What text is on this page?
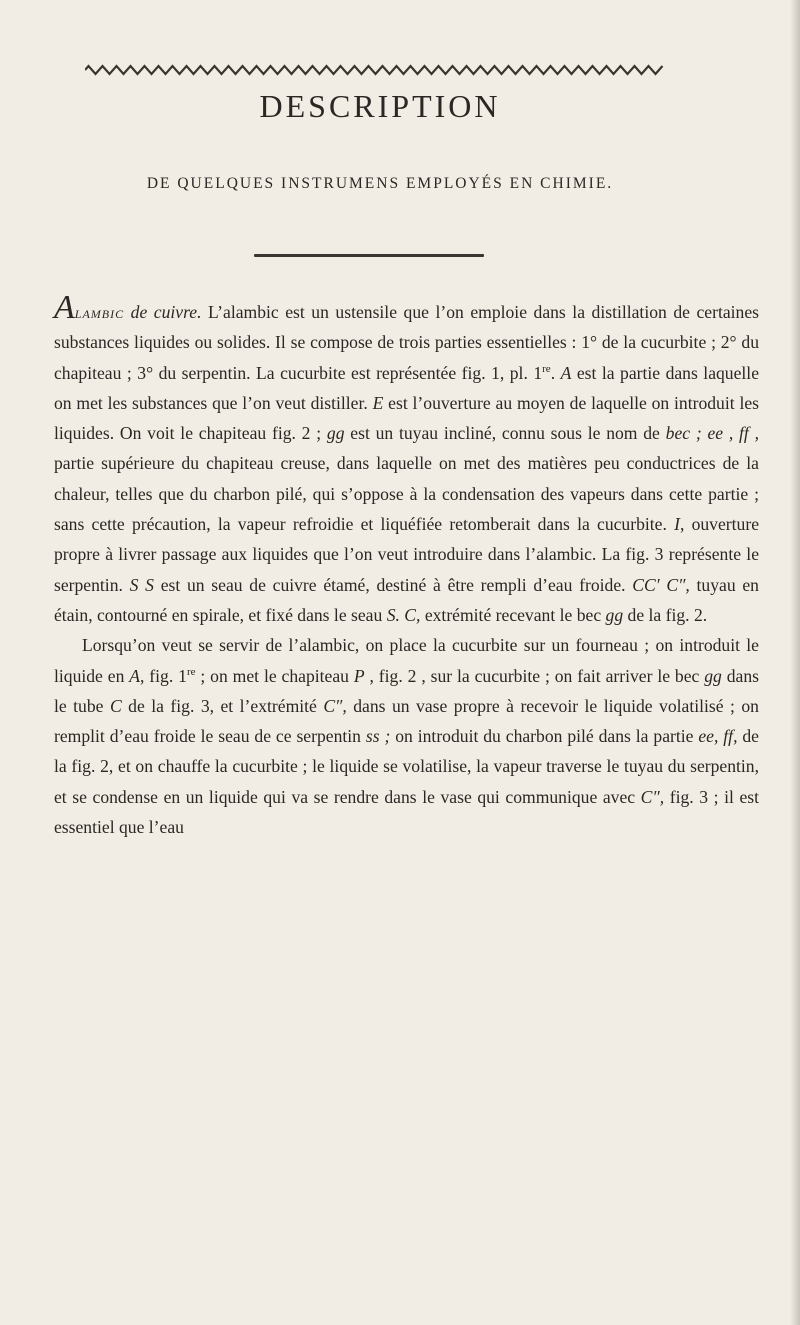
DESCRIPTION
DE QUELQUES INSTRUMENS EMPLOYÉS EN CHIMIE.

Alambic de cuivre. L’alambic est un ustensile que l’on emploie dans la distillation de certaines substances liquides ou solides. Il se compose de trois parties essentielles : 1° de la cucurbite ; 2° du chapiteau ; 3° du serpentin. La cucurbite est représentée fig. 1, pl. 1re. A est la partie dans laquelle on met les substances que l’on veut distiller. E est l’ouverture au moyen de laquelle on introduit les liquides. On voit le chapiteau fig. 2 ; gg est un tuyau incliné, connu sous le nom de bec ; ee , ff , partie supérieure du chapiteau creuse, dans laquelle on met des matières peu conductrices de la chaleur, telles que du charbon pilé, qui s’oppose à la condensation des vapeurs dans cette partie ; sans cette précaution, la vapeur refroidie et liquéfiée retomberait dans la cucurbite. I, ouverture propre à livrer passage aux liquides que l’on veut introduire dans l’alambic. La fig. 3 représente le serpentin. S S est un seau de cuivre étamé, destiné à être rempli d’eau froide. CC′ C″, tuyau en étain, contourné en spirale, et fixé dans le seau S. C, extrémité recevant le bec gg de la fig. 2.

Lorsqu’on veut se servir de l’alambic, on place la cucurbite sur un fourneau ; on introduit le liquide en A, fig. 1re ; on met le chapiteau P , fig. 2 , sur la cucurbite ; on fait arriver le bec gg dans le tube C de la fig. 3, et l’extrémité C″, dans un vase propre à recevoir le liquide volatilisé ; on remplit d’eau froide le seau de ce serpentin ss ; on introduit du charbon pilé dans la partie ee, ff, de la fig. 2, et on chauffe la cucurbite ; le liquide se volatilise, la vapeur traverse le tuyau du serpentin, et se condense en un liquide qui va se rendre dans le vase qui communique avec C″, fig. 3 ; il est essentiel que l’eau
